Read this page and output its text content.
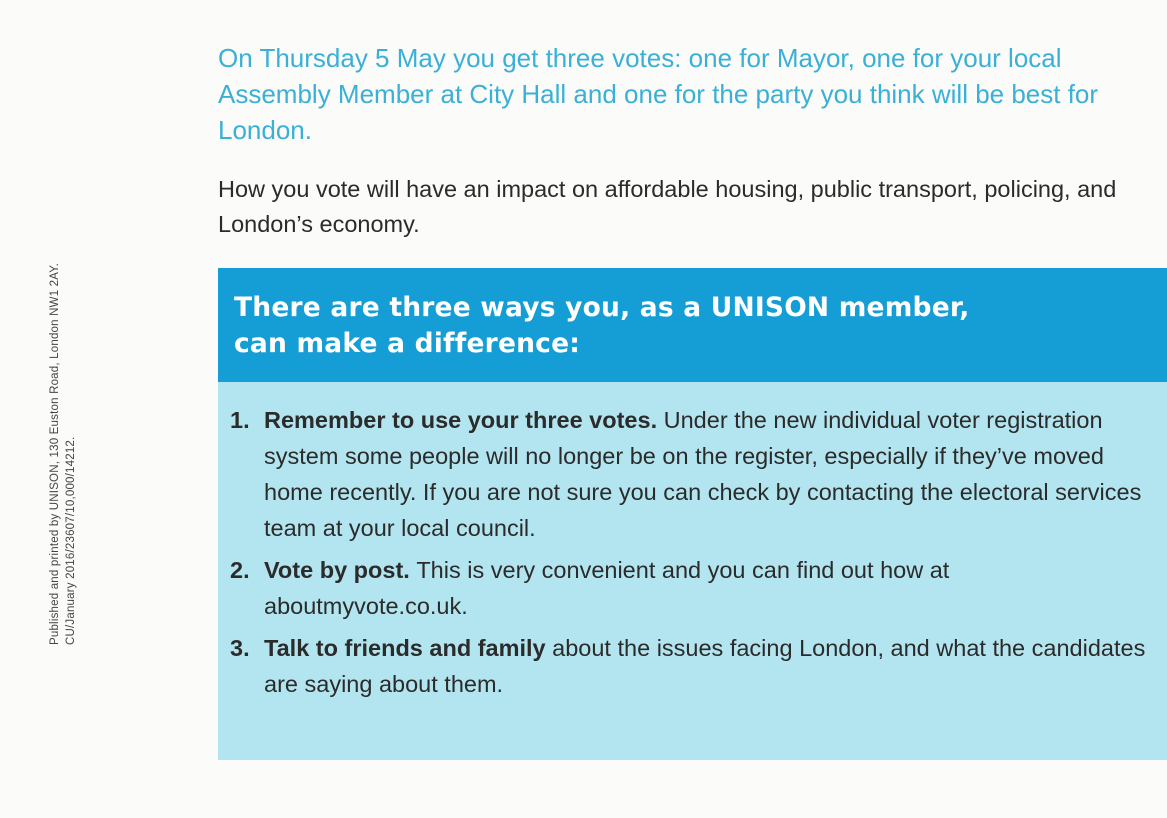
Published and printed by UNISON, 130 Euston Road, London NW1 2AY. CU/January 2016/23607/10,000/14212.

On Thursday 5 May you get three votes: one for Mayor, one for your local Assembly Member at City Hall and one for the party you think will be best for London.

How you vote will have an impact on affordable housing, public transport, policing, and London’s economy.

There are three ways you, as a UNISON member,
can make a difference:
1. Remember to use your three votes. Under the new individual voter registration system some people will no longer be on the register, especially if they’ve moved home recently. If you are not sure you can check by contacting the electoral services team at your local council.
2. Vote by post. This is very convenient and you can find out how at aboutmyvote.co.uk.
3. Talk to friends and family about the issues facing London, and what the candidates are saying about them.
